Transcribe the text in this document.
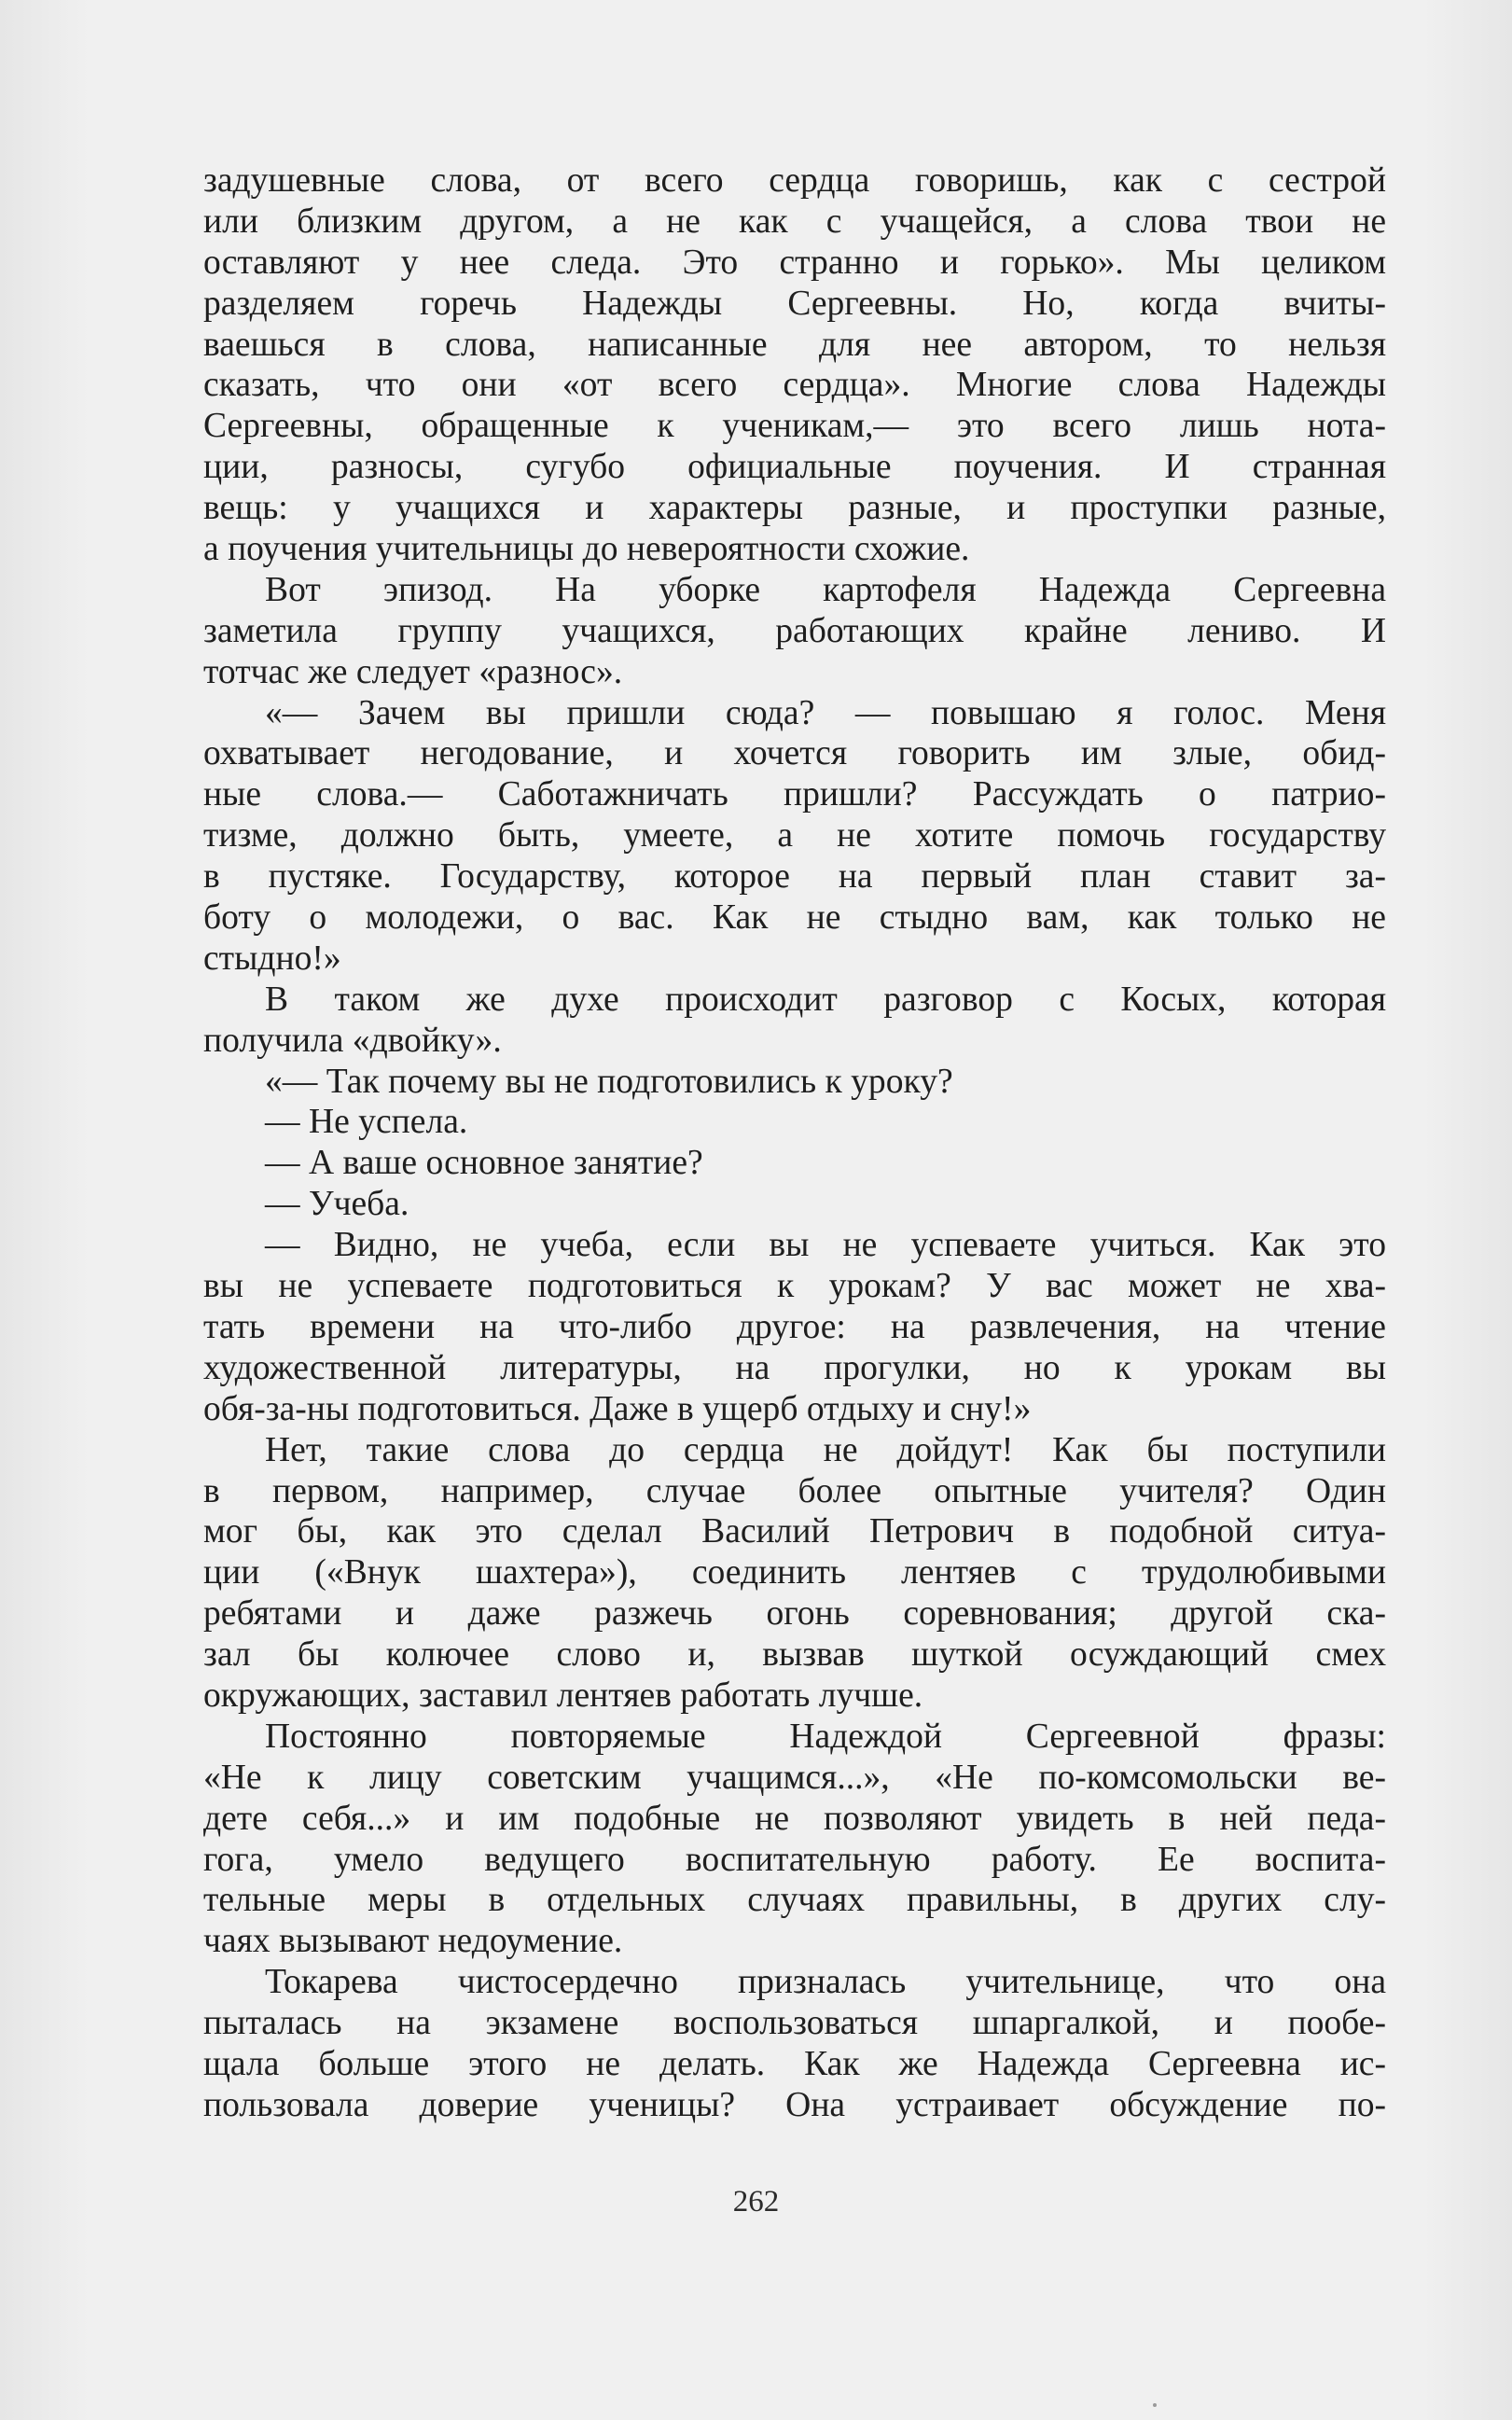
задушевные слова, от всего сердца говоришь, как с сестрой
или близким другом, а не как с учащейся, а слова твои не
оставляют у нее следа. Это странно и горько». Мы целиком
разделяем горечь Надежды Сергеевны. Но, когда вчиты-
ваешься в слова, написанные для нее автором, то нельзя
сказать, что они «от всего сердца». Многие слова Надежды
Сергеевны, обращенные к ученикам,— это всего лишь нота-
ции, разносы, сугубо официальные поучения. И странная
вещь: у учащихся и характеры разные, и проступки разные,
а поучения учительницы до невероятности схожие.
Вот эпизод. На уборке картофеля Надежда Сергеевна
заметила группу учащихся, работающих крайне лениво. И
тотчас же следует «разнос».
«— Зачем вы пришли сюда? — повышаю я голос. Меня
охватывает негодование, и хочется говорить им злые, обид-
ные слова.— Саботажничать пришли? Рассуждать о патрио-
тизме, должно быть, умеете, а не хотите помочь государству
в пустяке. Государству, которое на первый план ставит за-
боту о молодежи, о вас. Как не стыдно вам, как только не
стыдно!»
В таком же духе происходит разговор с Косых, которая
получила «двойку».
«— Так почему вы не подготовились к уроку?
— Не успела.
— А ваше основное занятие?
— Учеба.
— Видно, не учеба, если вы не успеваете учиться. Как это
вы не успеваете подготовиться к урокам? У вас может не хва-
тать времени на что-либо другое: на развлечения, на чтение
художественной литературы, на прогулки, но к урокам вы
обя-за-ны подготовиться. Даже в ущерб отдыху и сну!»
Нет, такие слова до сердца не дойдут! Как бы поступили
в первом, например, случае более опытные учителя? Один
мог бы, как это сделал Василий Петрович в подобной ситуа-
ции («Внук шахтера»), соединить лентяев с трудолюбивыми
ребятами и даже разжечь огонь соревнования; другой ска-
зал бы колючее слово и, вызвав шуткой осуждающий смех
окружающих, заставил лентяев работать лучше.
Постоянно повторяемые Надеждой Сергеевной фразы:
«Не к лицу советским учащимся...», «Не по-комсомольски ве-
дете себя...» и им подобные не позволяют увидеть в ней педа-
гога, умело ведущего воспитательную работу. Ее воспита-
тельные меры в отдельных случаях правильны, в других слу-
чаях вызывают недоумение.
Токарева чистосердечно призналась учительнице, что она
пыталась на экзамене воспользоваться шпаргалкой, и пообе-
щала больше этого не делать. Как же Надежда Сергеевна ис-
пользовала доверие ученицы? Она устраивает обсуждение по-
262
